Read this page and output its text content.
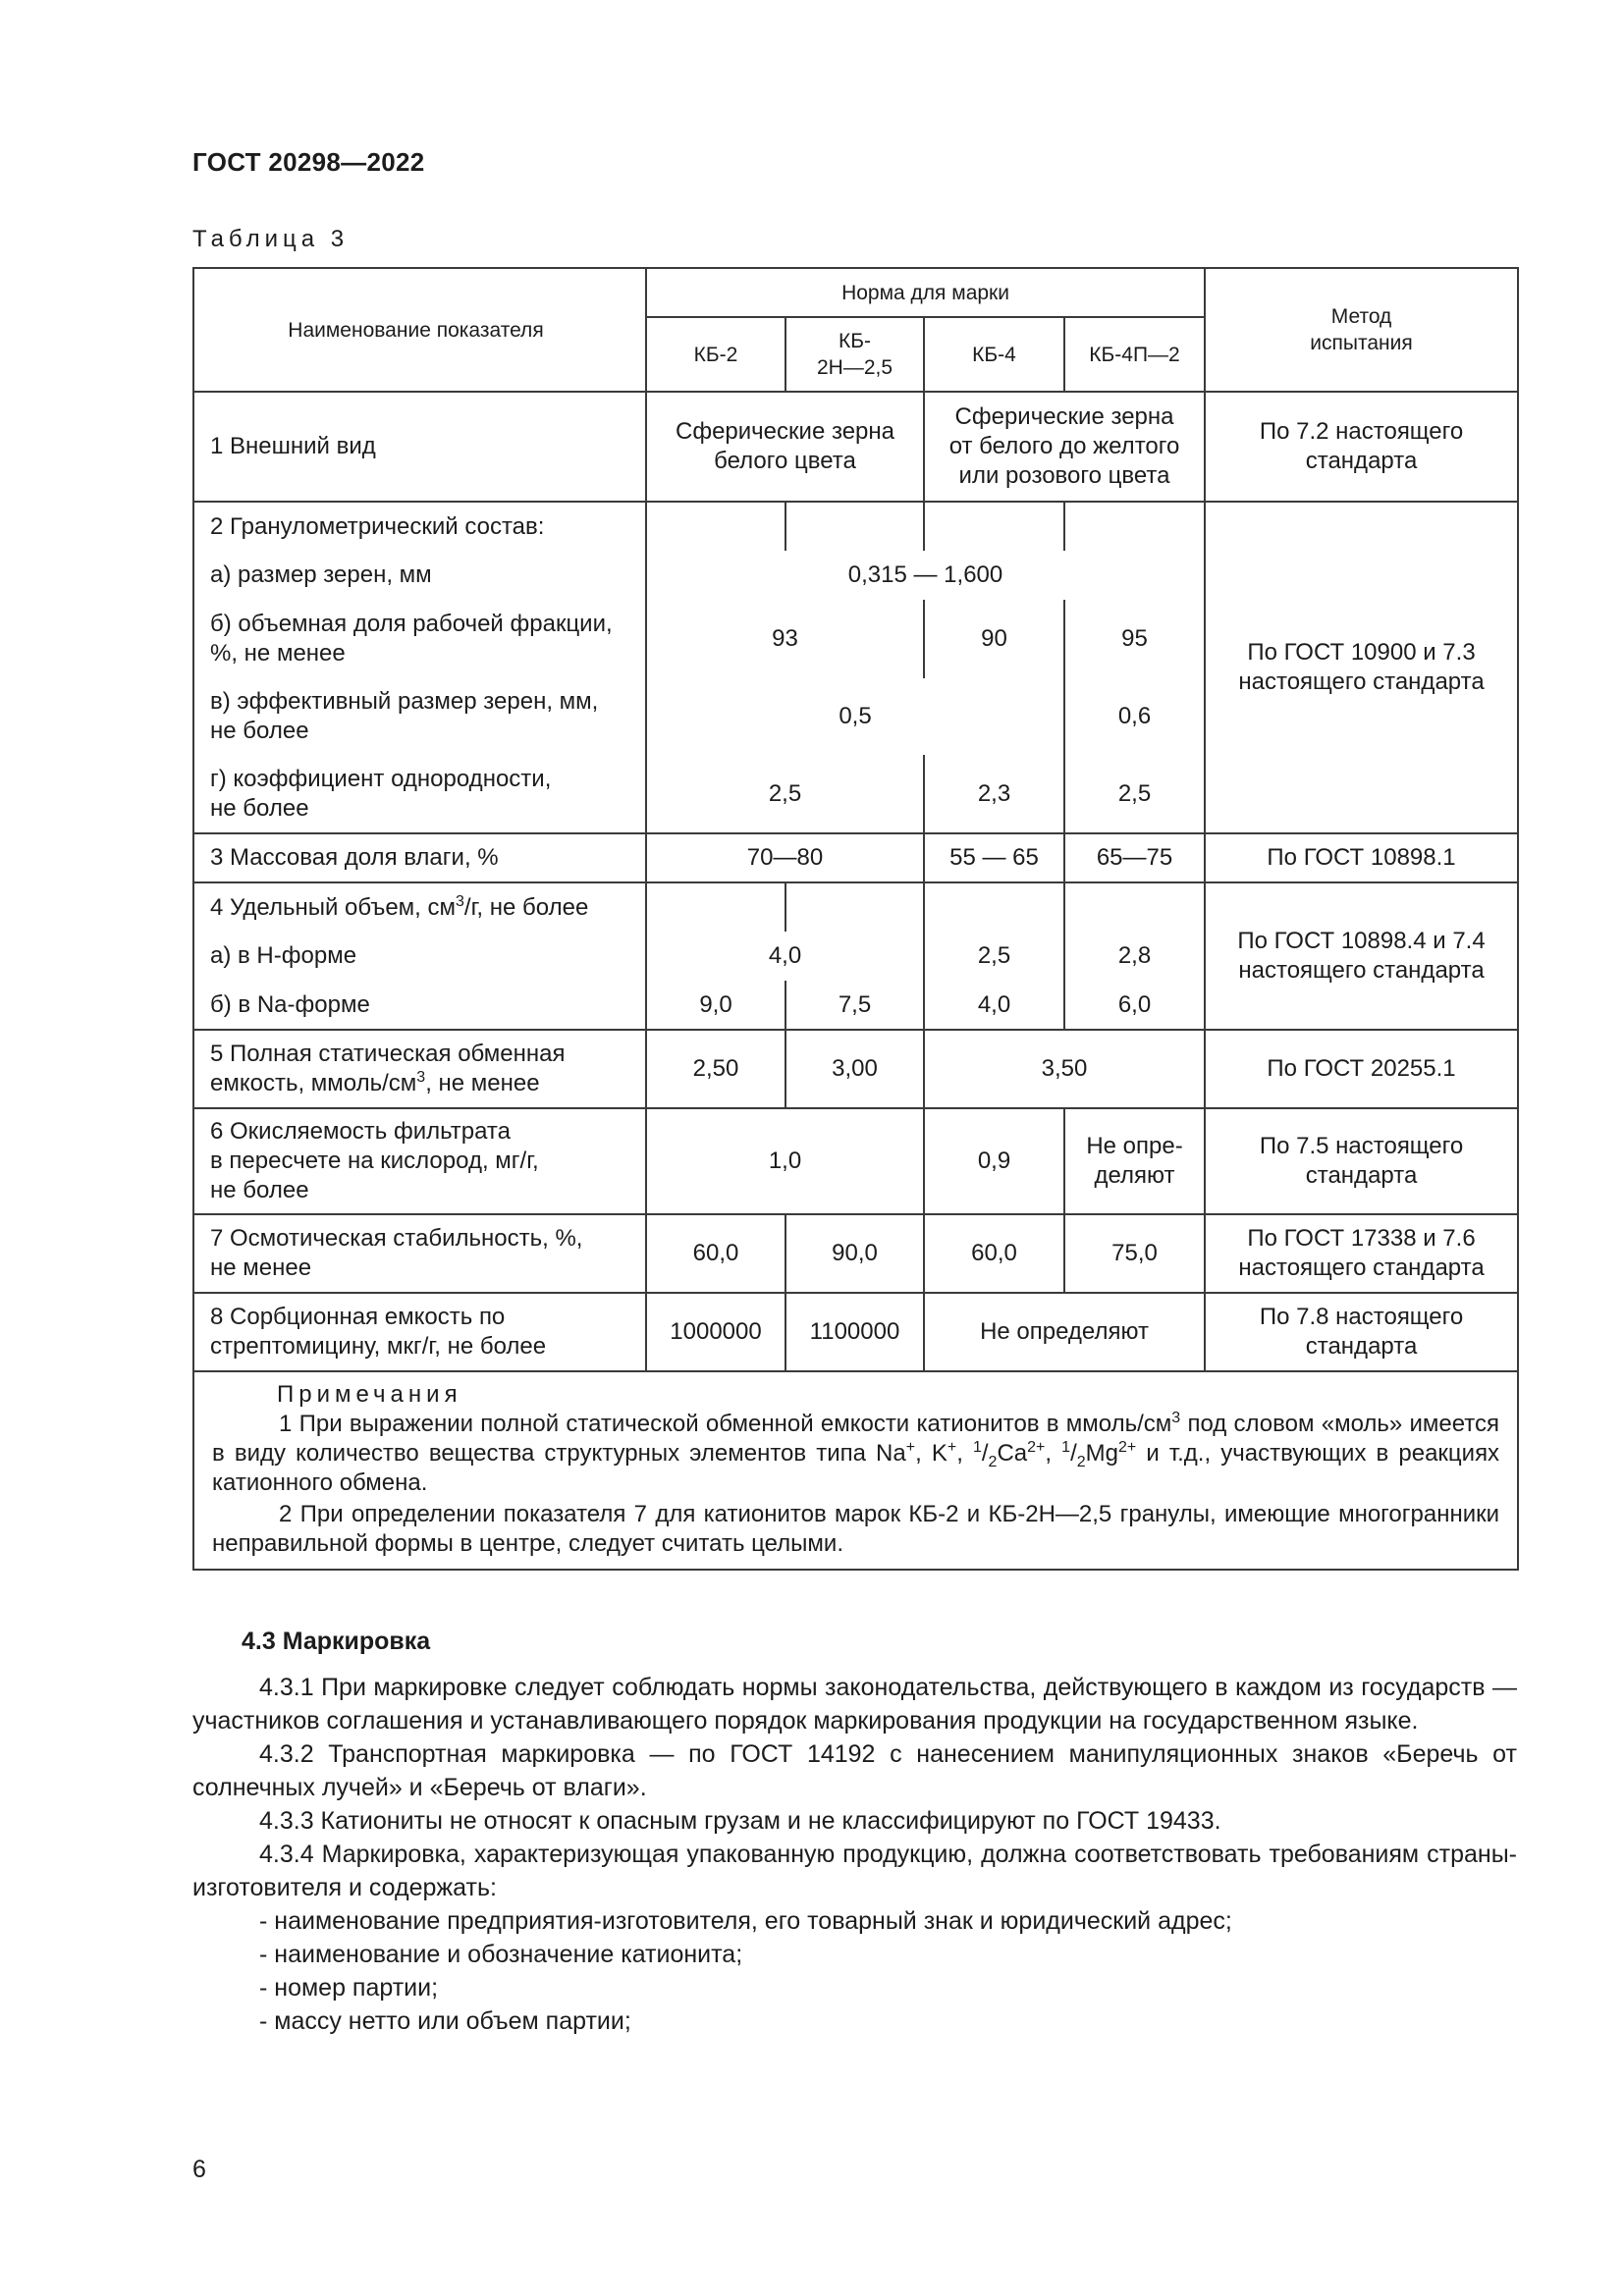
ГОСТ 20298—2022
Таблица 3
Наименование показателя	Норма для марки				Метод
испытания

	КБ-2	КБ-
2Н—2,5	КБ-4	КБ-4П—2	
1 Внешний вид	Сферические зерна
белого цвета		Сферические зерна
от белого до желтого
или розового цвета		По 7.2 настоящего
стандарта

2 Гранулометрический состав:					По ГОСТ 10900 и 7.3
настоящего стандарта

а) размер зерен, мм	0,315 — 1,600				

б) объемная доля рабочей фракции,
%, не менее	93		90	95	

в) эффективный размер зерен, мм,
не более	0,5			0,6	

г) коэффициент однородности,
не более	2,5		2,3	2,5	
3 Массовая доля влаги, %	70—80		55 — 65	65—75	По ГОСТ 10898.1
4 Удельный объем, $см^3/г$, не более					По ГОСТ 10898.4 и 7.4
настоящего стандарта

а) в Н-форме	4,0		2,5	2,8	
б) в Na-форме	9,0	7,5	4,0	6,0	

5 Полная статическая обменная
емкость, ммоль/$см^3$, не менее	2,50	3,00	3,50		По ГОСТ 20255.1

6 Окисляемость фильтрата
в пересчете на кислород, мг/г,
не более	1,0		0,9	Не опре-
деляют	По 7.5 настоящего
стандарта

7 Осмотическая стабильность, %,
не менее	60,0	90,0	60,0	75,0	По ГОСТ 17338 и 7.6
настоящего стандарта

8 Сорбционная емкость по
стрептомицину, мкг/г, не более	1000000	1100000	Не определяют		По 7.8 настоящего
стандарта

Примечания

1 При выражении полной статической обменной емкости катионитов в ммоль/$см^3$ под словом «моль» имеется в виду количество вещества структурных элементов типа Na+, K+, $^1/_2Ca^{2+}$, $^1/_2Mg^{2+}$ и т.д., участвующих в реакциях катионного обмена.

2 При определении показателя 7 для катионитов марок КБ-2 и КБ-2Н—2,5 гранулы, имеющие многогранники неправильной формы в центре, следует считать целыми.					

4.3 Маркировка

4.3.1 При маркировке следует соблюдать нормы законодательства, действующего в каждом из государств — участников соглашения и устанавливающего порядок маркирования продукции на государственном языке.

4.3.2 Транспортная маркировка — по ГОСТ 14192 с нанесением манипуляционных знаков «Беречь от солнечных лучей» и «Беречь от влаги».

4.3.3 Катиониты не относят к опасным грузам и не классифицируют по ГОСТ 19433.

4.3.4 Маркировка, характеризующая упакованную продукцию, должна соответствовать требованиям страны-изготовителя и содержать:

- наименование предприятия-изготовителя, его товарный знак и юридический адрес;
- наименование и обозначение катионита;
- номер партии;
- массу нетто или объем партии;
6
